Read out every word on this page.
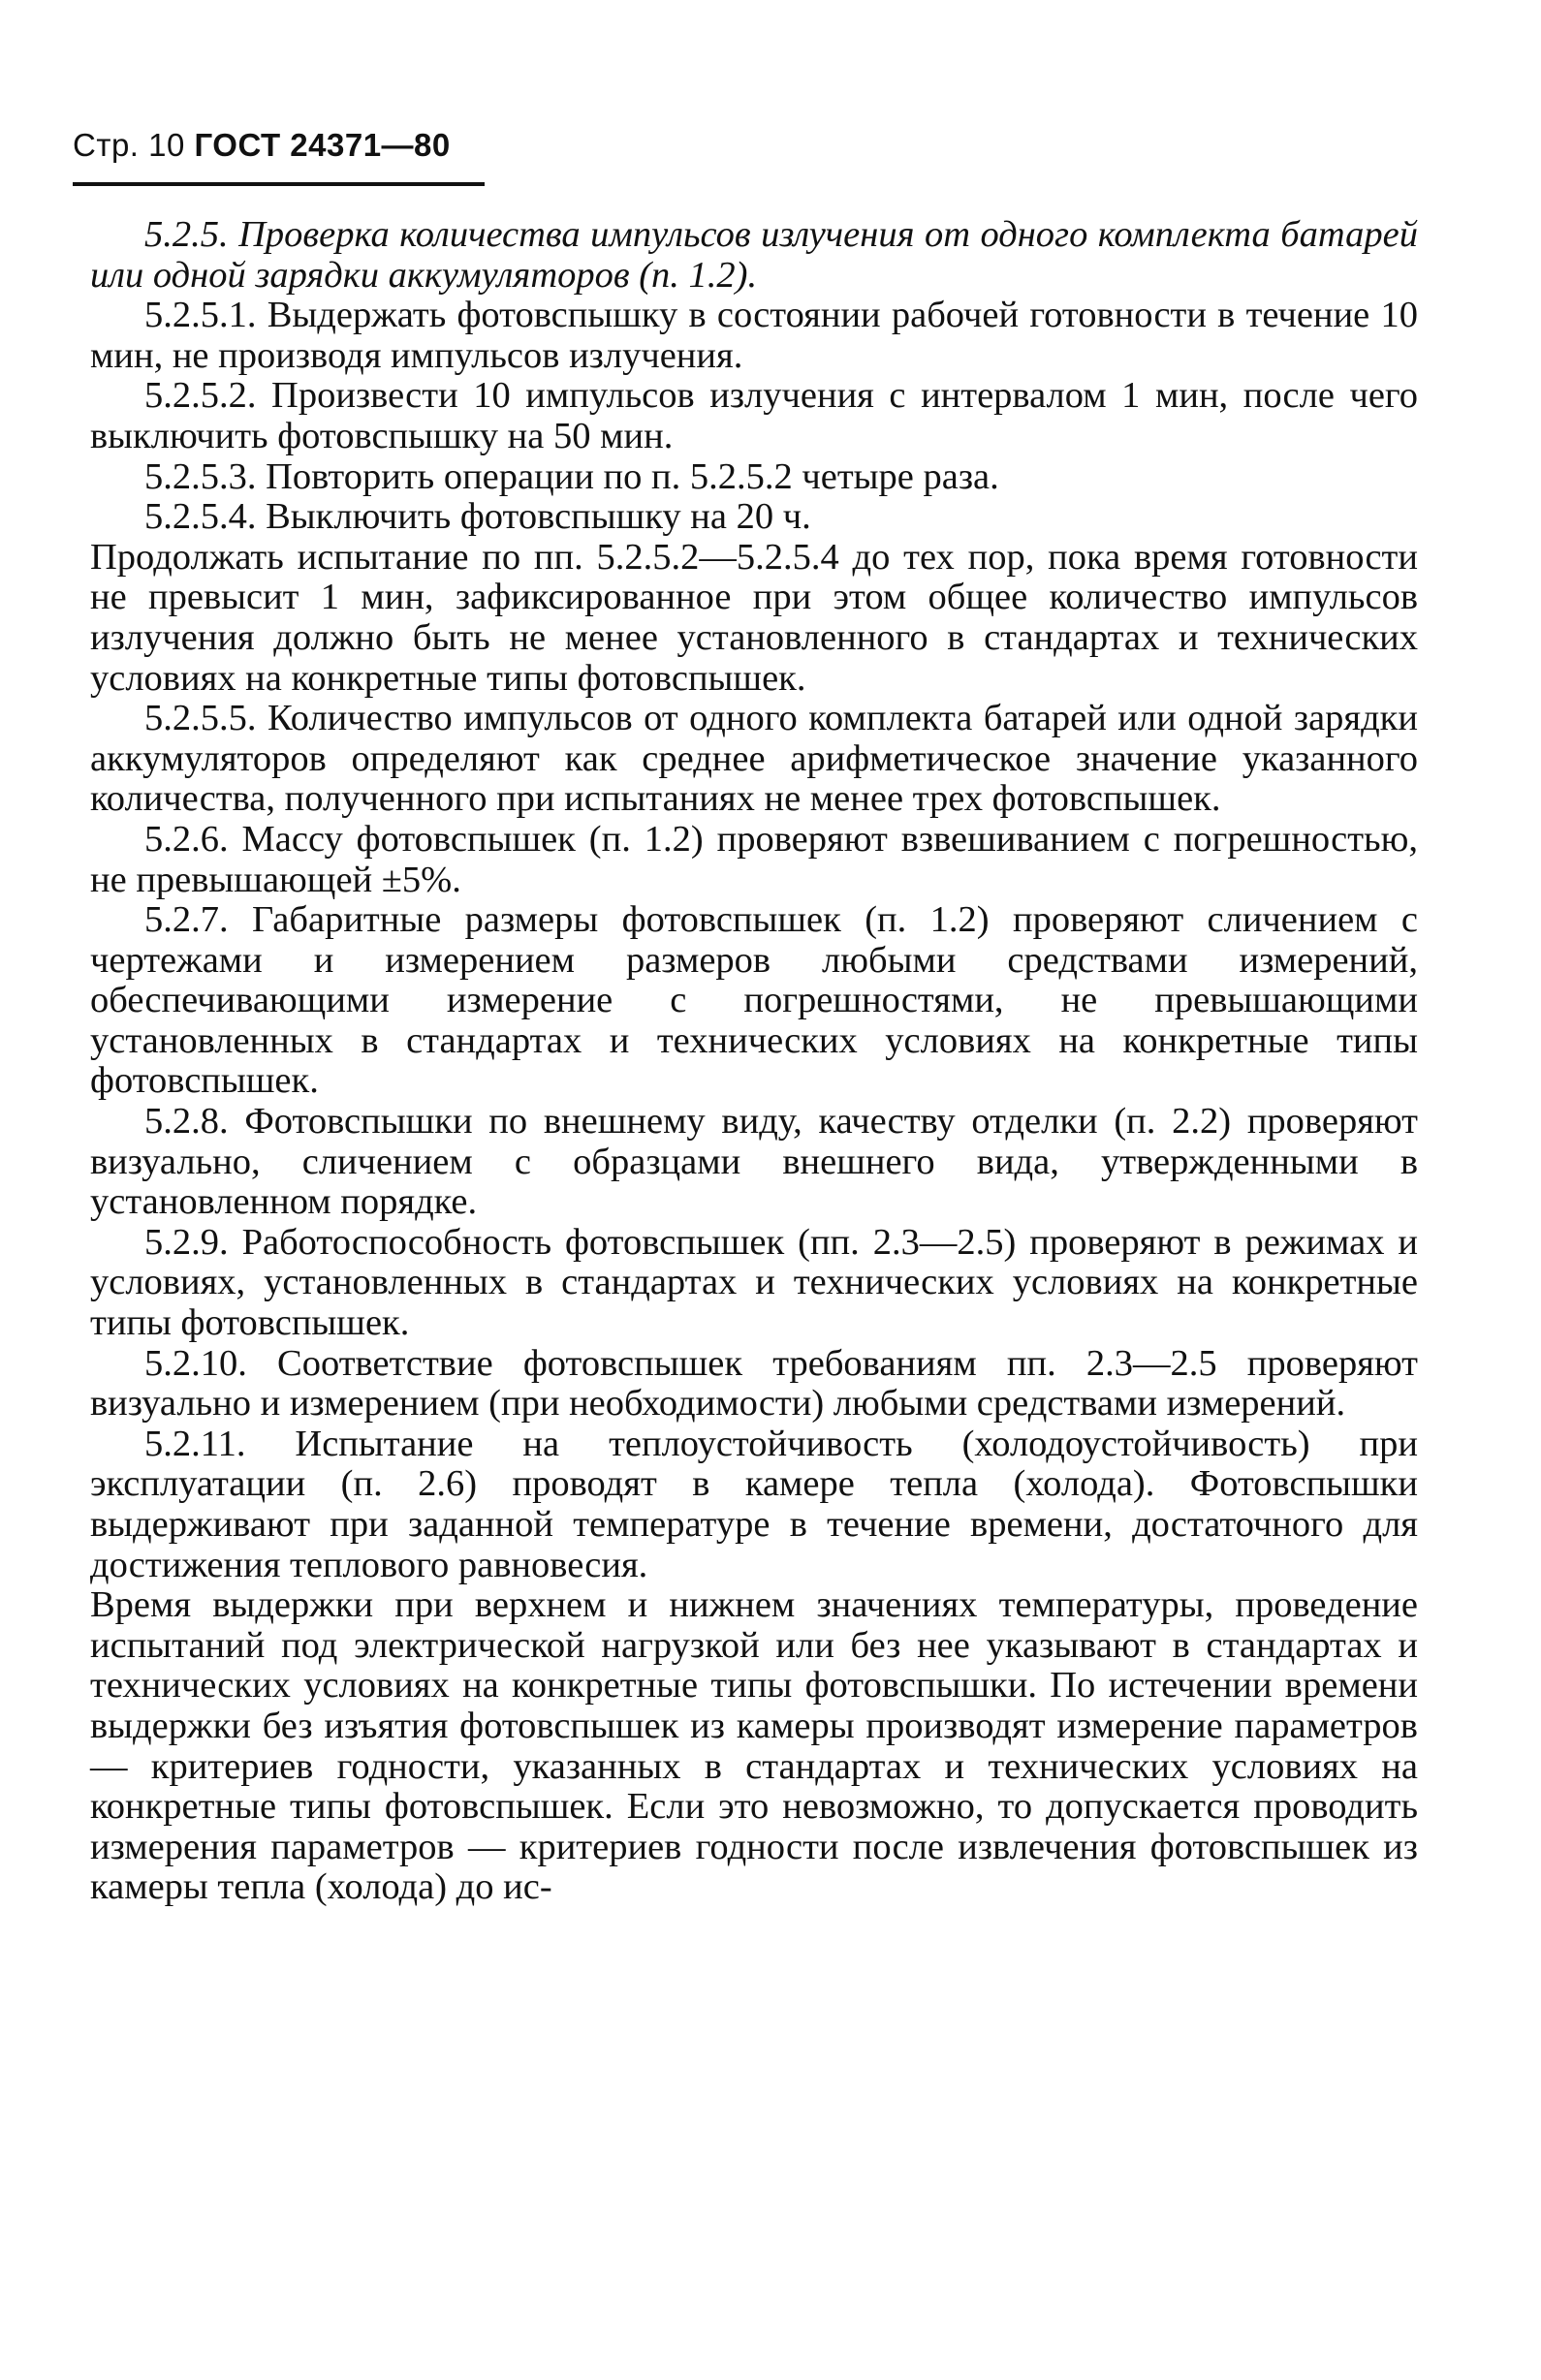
Стр. 10 ГОСТ 24371—80

5.2.5. Проверка количества импульсов излучения от одного комплекта батарей или одной зарядки аккумуляторов (п. 1.2).

5.2.5.1. Выдержать фотовспышку в состоянии рабочей готовности в течение 10 мин, не производя импульсов излучения.

5.2.5.2. Произвести 10 импульсов излучения с интервалом 1 мин, после чего выключить фотовспышку на 50 мин.

5.2.5.3. Повторить операции по п. 5.2.5.2 четыре раза.

5.2.5.4. Выключить фотовспышку на 20 ч.

Продолжать испытание по пп. 5.2.5.2—5.2.5.4 до тех пор, пока время готовности не превысит 1 мин, зафиксированное при этом общее количество импульсов излучения должно быть не менее установленного в стандартах и технических условиях на конкретные типы фотовспышек.

5.2.5.5. Количество импульсов от одного комплекта батарей или одной зарядки аккумуляторов определяют как среднее арифметическое значение указанного количества, полученного при испытаниях не менее трех фотовспышек.

5.2.6. Массу фотовспышек (п. 1.2) проверяют взвешиванием с погрешностью, не превышающей ±5%.

5.2.7. Габаритные размеры фотовспышек (п. 1.2) проверяют сличением с чертежами и измерением размеров любыми средствами измерений, обеспечивающими измерение с погрешностями, не превышающими установленных в стандартах и технических условиях на конкретные типы фотовспышек.

5.2.8. Фотовспышки по внешнему виду, качеству отделки (п. 2.2) проверяют визуально, сличением с образцами внешнего вида, утвержденными в установленном порядке.

5.2.9. Работоспособность фотовспышек (пп. 2.3—2.5) проверяют в режимах и условиях, установленных в стандартах и технических условиях на конкретные типы фотовспышек.

5.2.10. Соответствие фотовспышек требованиям пп. 2.3—2.5 проверяют визуально и измерением (при необходимости) любыми средствами измерений.

5.2.11. Испытание на теплоустойчивость (холодоустойчивость) при эксплуатации (п. 2.6) проводят в камере тепла (холода). Фотовспышки выдерживают при заданной температуре в течение времени, достаточного для достижения теплового равновесия.

Время выдержки при верхнем и нижнем значениях температуры, проведение испытаний под электрической нагрузкой или без нее указывают в стандартах и технических условиях на конкретные типы фотовспышки. По истечении времени выдержки без изъятия фотовспышек из камеры производят измерение параметров — критериев годности, указанных в стандартах и технических условиях на конкретные типы фотовспышек. Если это невозможно, то допускается проводить измерения параметров — критериев годности после извлечения фотовспышек из камеры тепла (холода) до ис-
